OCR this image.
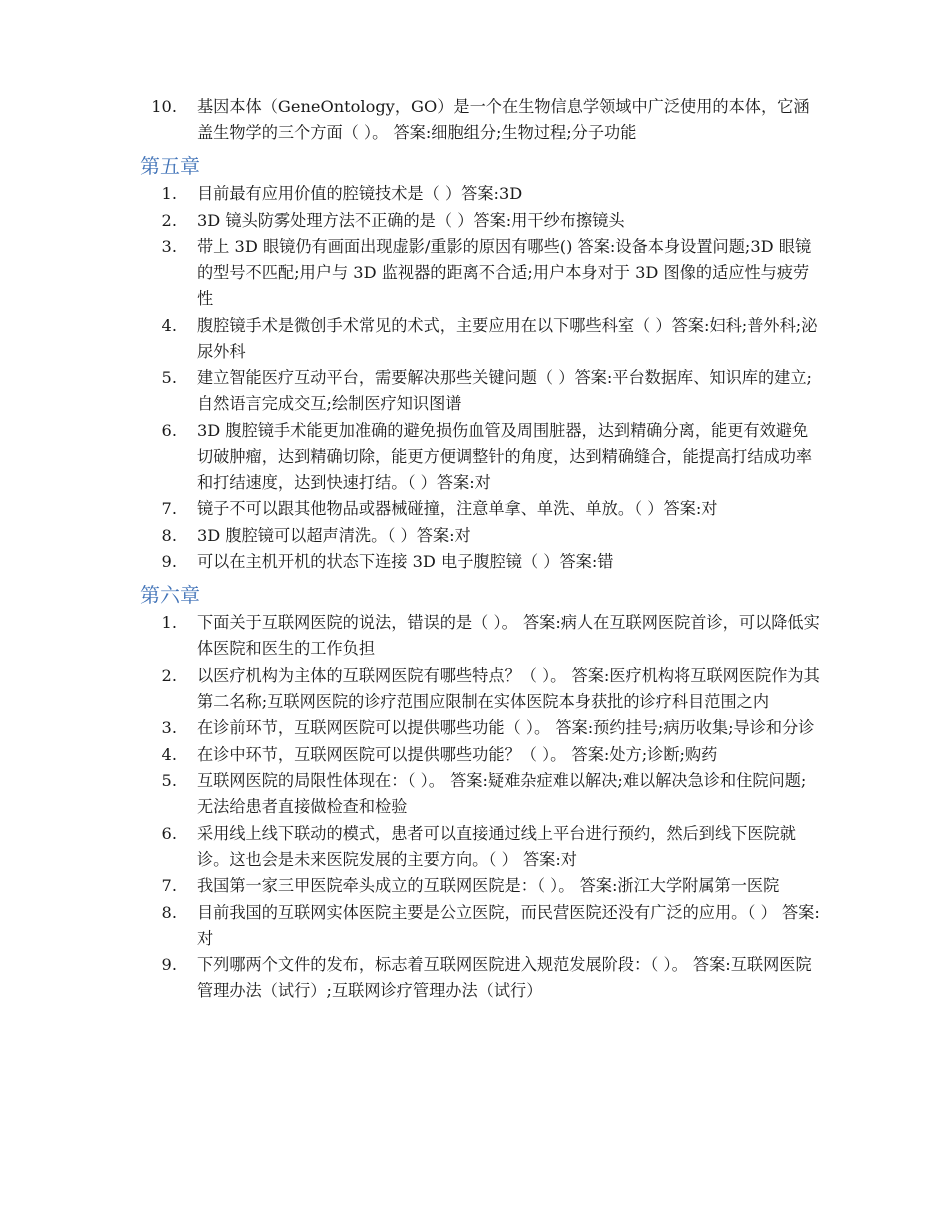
10. 基因本体（GeneOntology，GO）是一个在生物信息学领域中广泛使用的本体，它涵盖生物学的三个方面（ ）。 答案:细胞组分;生物过程;分子功能
第五章
1. 目前最有应用价值的腔镜技术是（ ）答案:3D
2. 3D 镜头防雾处理方法不正确的是（ ）答案:用干纱布擦镜头
3. 带上 3D 眼镜仍有画面出现虚影/重影的原因有哪些() 答案:设备本身设置问题;3D 眼镜的型号不匹配;用户与 3D 监视器的距离不合适;用户本身对于 3D 图像的适应性与疲劳性
4. 腹腔镜手术是微创手术常见的术式，主要应用在以下哪些科室（ ）答案:妇科;普外科;泌尿外科
5. 建立智能医疗互动平台，需要解决那些关键问题（ ）答案:平台数据库、知识库的建立;自然语言完成交互;绘制医疗知识图谱
6. 3D 腹腔镜手术能更加准确的避免损伤血管及周围脏器，达到精确分离，能更有效避免切破肿瘤，达到精确切除，能更方便调整针的角度，达到精确缝合，能提高打结成功率和打结速度，达到快速打结。（ ）答案:对
7. 镜子不可以跟其他物品或器械碰撞，注意单拿、单洗、单放。（ ）答案:对
8. 3D 腹腔镜可以超声清洗。（ ）答案:对
9. 可以在主机开机的状态下连接 3D 电子腹腔镜（ ）答案:错
第六章
1. 下面关于互联网医院的说法，错误的是（ ）。 答案:病人在互联网医院首诊，可以降低实体医院和医生的工作负担
2. 以医疗机构为主体的互联网医院有哪些特点？（ ）。 答案:医疗机构将互联网医院作为其第二名称;互联网医院的诊疗范围应限制在实体医院本身获批的诊疗科目范围之内
3. 在诊前环节，互联网医院可以提供哪些功能（ ）。 答案:预约挂号;病历收集;导诊和分诊
4. 在诊中环节，互联网医院可以提供哪些功能？（ ）。 答案:处方;诊断;购药
5. 互联网医院的局限性体现在：（ ）。 答案:疑难杂症难以解决;难以解决急诊和住院问题;无法给患者直接做检查和检验
6. 采用线上线下联动的模式，患者可以直接通过线上平台进行预约，然后到线下医院就诊。这也会是未来医院发展的主要方向。（ ） 答案:对
7. 我国第一家三甲医院牵头成立的互联网医院是：（ ）。 答案:浙江大学附属第一医院
8. 目前我国的互联网实体医院主要是公立医院，而民营医院还没有广泛的应用。（ ） 答案:对
9. 下列哪两个文件的发布，标志着互联网医院进入规范发展阶段：（ ）。 答案:互联网医院管理办法（试行）;互联网诊疗管理办法（试行）
